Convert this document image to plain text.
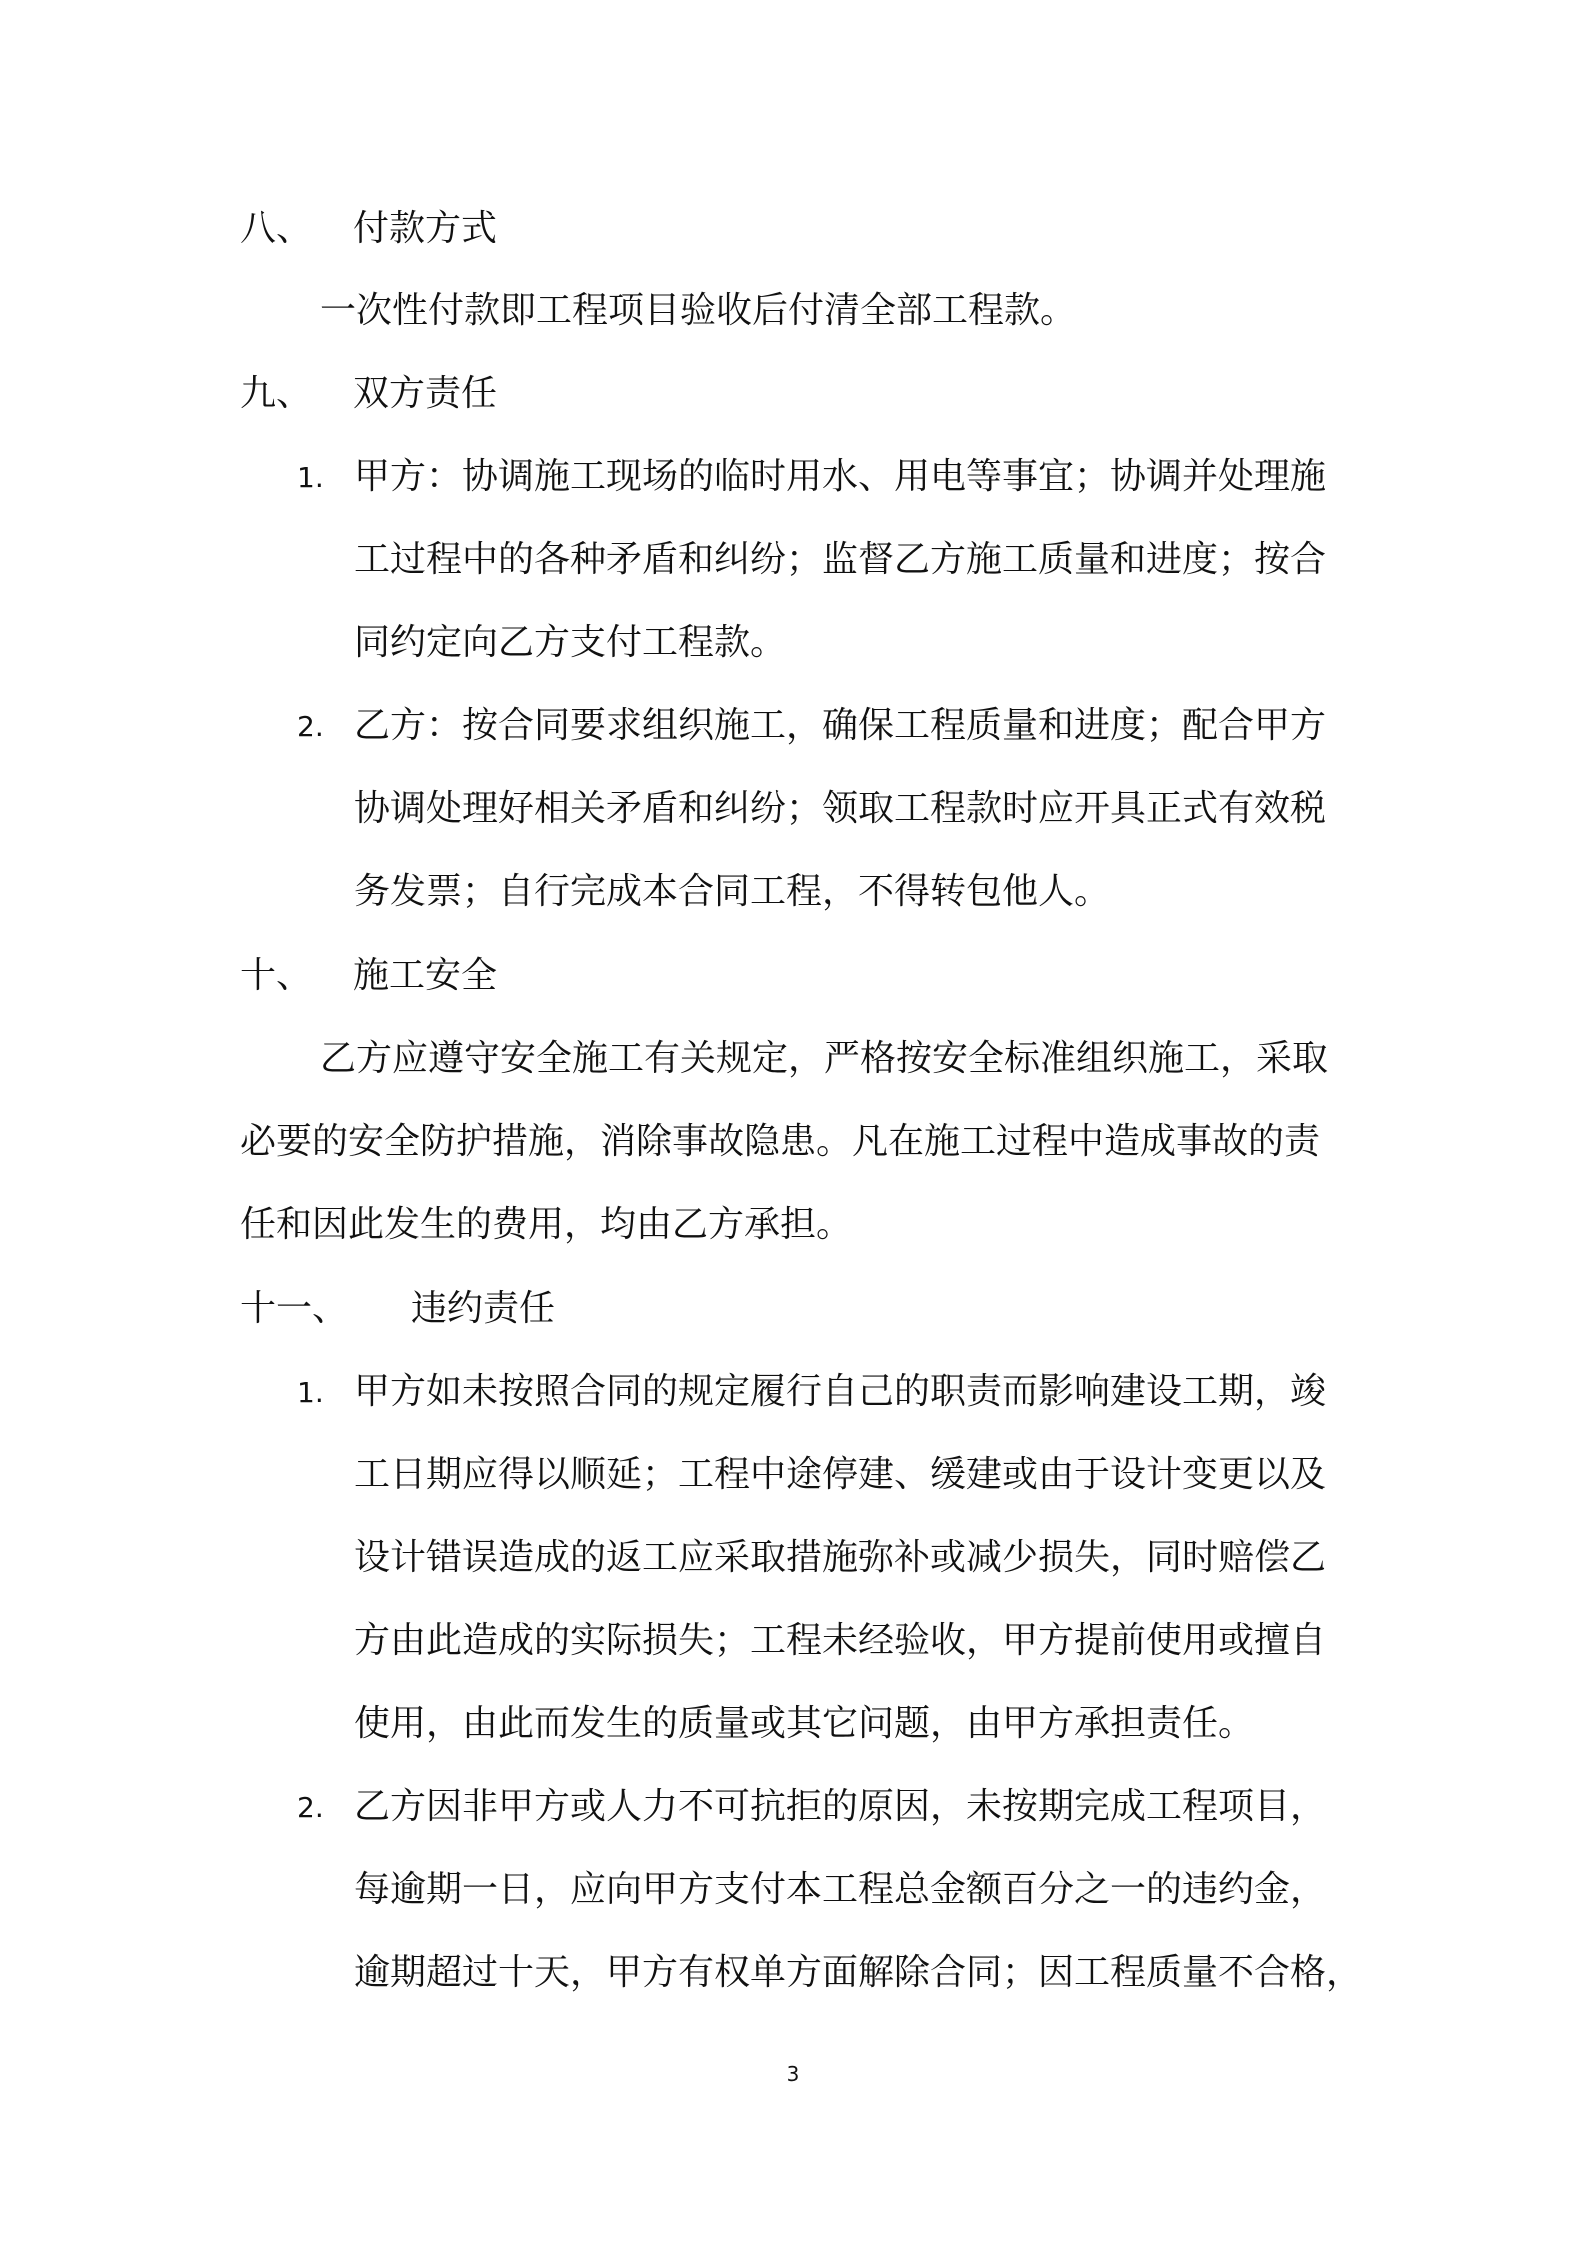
八、 付款方式
一次性付款即工程项目验收后付清全部工程款。
九、 双方责任
1. 甲方：协调施工现场的临时用水、用电等事宜；协调并处理施
工过程中的各种矛盾和纠纷；监督乙方施工质量和进度；按合
同约定向乙方支付工程款。
2. 乙方：按合同要求组织施工，确保工程质量和进度；配合甲方
协调处理好相关矛盾和纠纷；领取工程款时应开具正式有效税
务发票；自行完成本合同工程，不得转包他人。
十、 施工安全
乙方应遵守安全施工有关规定，严格按安全标准组织施工，采取
必要的安全防护措施，消除事故隐患。凡在施工过程中造成事故的责
任和因此发生的费用，均由乙方承担。
十一、 违约责任
1. 甲方如未按照合同的规定履行自己的职责而影响建设工期，竣
工日期应得以顺延；工程中途停建、缓建或由于设计变更以及
设计错误造成的返工应采取措施弥补或减少损失，同时赔偿乙
方由此造成的实际损失；工程未经验收，甲方提前使用或擅自
使用，由此而发生的质量或其它问题，由甲方承担责任。
2. 乙方因非甲方或人力不可抗拒的原因，未按期完成工程项目，
每逾期一日，应向甲方支付本工程总金额百分之一的违约金，
逾期超过十天，甲方有权单方面解除合同；因工程质量不合格，
3
